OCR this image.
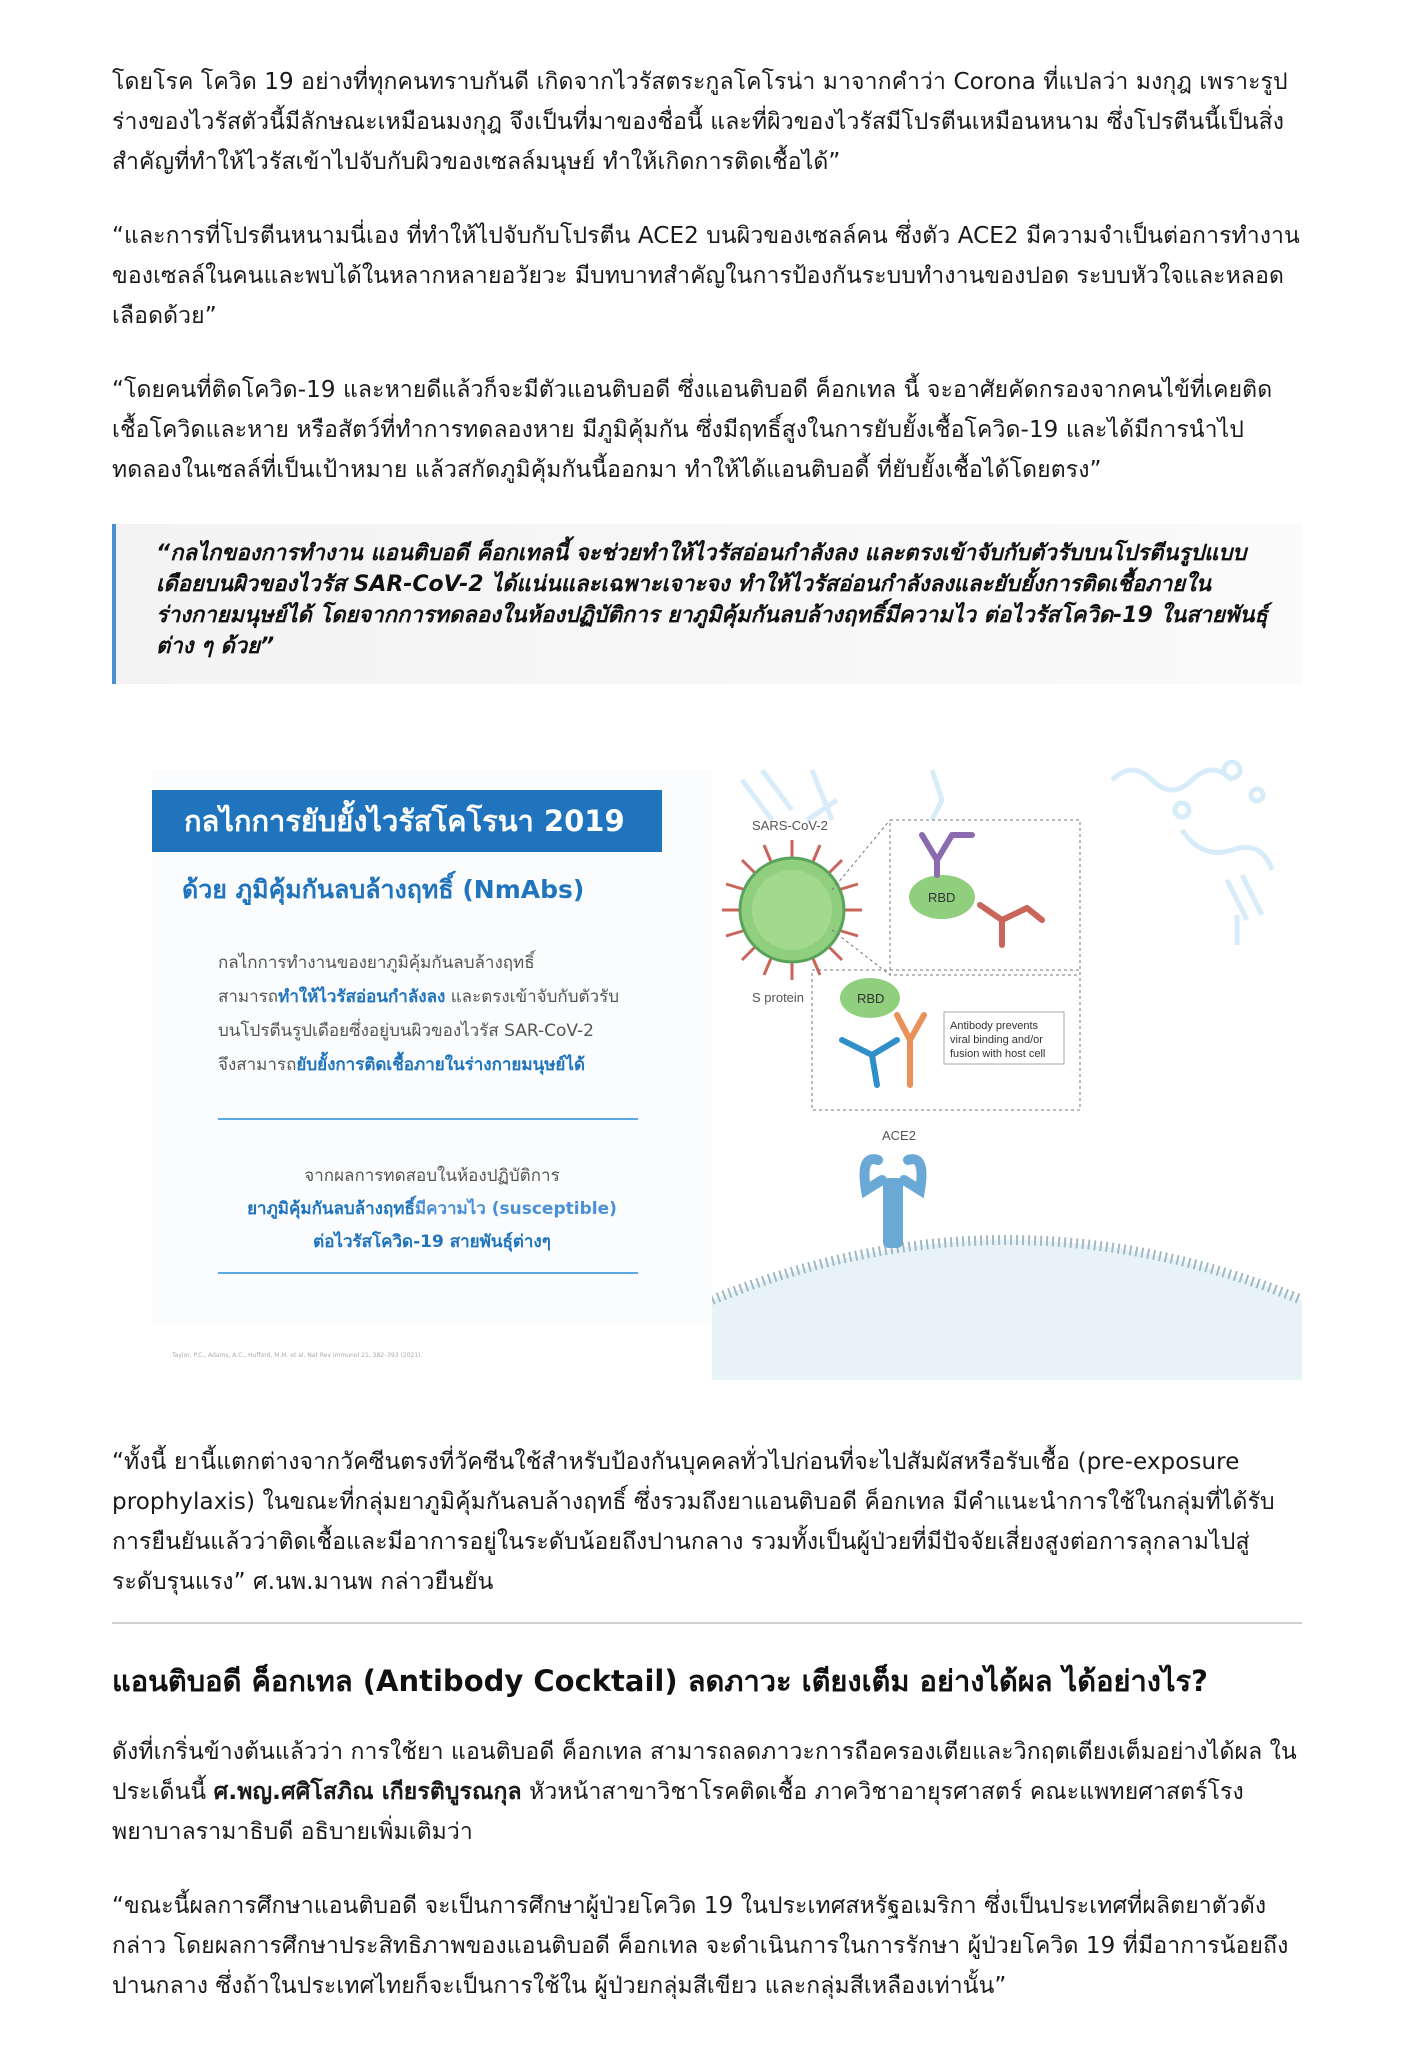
โดยโรค โควิด 19 อย่างที่ทุกคนทราบกันดี เกิดจากไวรัสตระกูลโคโรน่า มาจากคำว่า Corona ที่แปลว่า มงกุฎ เพราะรูปร่างของไวรัสตัวนี้มีลักษณะเหมือนมงกุฎ จึงเป็นที่มาของชื่อนี้ และที่ผิวของไวรัสมีโปรตีนเหมือนหนาม ซึ่งโปรตีนนี้เป็นสิ่งสำคัญที่ทำให้ไวรัสเข้าไปจับกับผิวของเซลล์มนุษย์ ทำให้เกิดการติดเชื้อได้”

“และการที่โปรตีนหนามนี่เอง ที่ทำให้ไปจับกับโปรตีน ACE2 บนผิวของเซลล์คน ซึ่งตัว ACE2 มีความจำเป็นต่อการทำงานของเซลล์ในคนและพบได้ในหลากหลายอวัยวะ มีบทบาทสำคัญในการป้องกันระบบทำงานของปอด ระบบหัวใจและหลอดเลือดด้วย”

“โดยคนที่ติดโควิด-19 และหายดีแล้วก็จะมีตัวแอนติบอดี ซึ่งแอนติบอดี ค็อกเทล นี้ จะอาศัยคัดกรองจากคนไข้ที่เคยติดเชื้อโควิดและหาย หรือสัตว์ที่ทำการทดลองหาย มีภูมิคุ้มกัน ซึ่งมีฤทธิ์สูงในการยับยั้งเชื้อโควิด-19 และได้มีการนำไปทดลองในเซลล์ที่เป็นเป้าหมาย แล้วสกัดภูมิคุ้มกันนี้ออกมา ทำให้ได้แอนติบอดี้ ที่ยับยั้งเชื้อได้โดยตรง”

“กลไกของการทำงาน แอนติบอดี ค็อกเทลนี้ จะช่วยทำให้ไวรัสอ่อนกำลังลง และตรงเข้าจับกับตัวรับบนโปรตีนรูปแบบเดือยบนผิวของไวรัส SAR-CoV-2 ได้แน่นและเฉพาะเจาะจง ทำให้ไวรัสอ่อนกำลังลงและยับยั้งการติดเชื้อภายในร่างกายมนุษย์ได้ โดยจากการทดลองในห้องปฏิบัติการ ยาภูมิคุ้มกันลบล้างฤทธิ์มีความไว ต่อไวรัสโควิด-19 ในสายพันธุ์ต่าง ๆ ด้วย”
กลไกการยับยั้งไวรัสโคโรนา 2019
ด้วย ภูมิคุ้มกันลบล้างฤทธิ์ (NmAbs)
กลไกการทำงานของยาภูมิคุ้มกันลบล้างฤทธิ์
สามารถทำให้ไวรัสอ่อนกำลังลง และตรงเข้าจับกับตัวรับ
บนโปรตีนรูปเดือยซึ่งอยู่บนผิวของไวรัส SAR-CoV-2
จึงสามารถยับยั้งการติดเชื้อภายในร่างกายมนุษย์ได้
จากผลการทดสอบในห้องปฏิบัติการ
ยาภูมิคุ้มกันลบล้างฤทธิ์มีความไว (susceptible)
ต่อไวรัสโควิด-19 สายพันธุ์ต่างๆ
Taylor, P.C., Adams, A.C., Hufford, M.M. et al. Nat Rev Immunol 21, 382–393 (2021).
SARS-CoV-2
S protein
RBD
RBD
Antibody prevents
viral binding and/or
fusion with host cell
ACE2

“ทั้งนี้ ยานี้แตกต่างจากวัคซีนตรงที่วัคซีนใช้สำหรับป้องกันบุคคลทั่วไปก่อนที่จะไปสัมผัสหรือรับเชื้อ (pre-exposure prophylaxis) ในขณะที่กลุ่มยาภูมิคุ้มกันลบล้างฤทธิ์ ซึ่งรวมถึงยาแอนติบอดี ค็อกเทล มีคำแนะนำการใช้ในกลุ่มที่ได้รับการยืนยันแล้วว่าติดเชื้อและมีอาการอยู่ในระดับน้อยถึงปานกลาง รวมทั้งเป็นผู้ป่วยที่มีปัจจัยเสี่ยงสูงต่อการลุกลามไปสู่ระดับรุนแรง” ศ.นพ.มานพ กล่าวยืนยัน

แอนติบอดี ค็อกเทล (Antibody Cocktail) ลดภาวะ เตียงเต็ม อย่างได้ผล ได้อย่างไร?

ดังที่เกริ่นข้างต้นแล้วว่า การใช้ยา แอนติบอดี ค็อกเทล สามารถลดภาวะการถือครองเตียและวิกฤตเตียงเต็มอย่างได้ผล ในประเด็นนี้ ศ.พญ.ศศิโสภิณ เกียรติบูรณกุล หัวหน้าสาขาวิชาโรคติดเชื้อ ภาควิชาอายุรศาสตร์ คณะแพทยศาสตร์โรงพยาบาลรามาธิบดี อธิบายเพิ่มเติมว่า

“ขณะนี้ผลการศึกษาแอนติบอดี จะเป็นการศึกษาผู้ป่วยโควิด 19 ในประเทศสหรัฐอเมริกา ซึ่งเป็นประเทศที่ผลิตยาตัวดังกล่าว โดยผลการศึกษาประสิทธิภาพของแอนติบอดี ค็อกเทล จะดำเนินการในการรักษา ผู้ป่วยโควิด 19 ที่มีอาการน้อยถึงปานกลาง ซึ่งถ้าในประเทศไทยก็จะเป็นการใช้ใน ผู้ป่วยกลุ่มสีเขียว และกลุ่มสีเหลืองเท่านั้น”
